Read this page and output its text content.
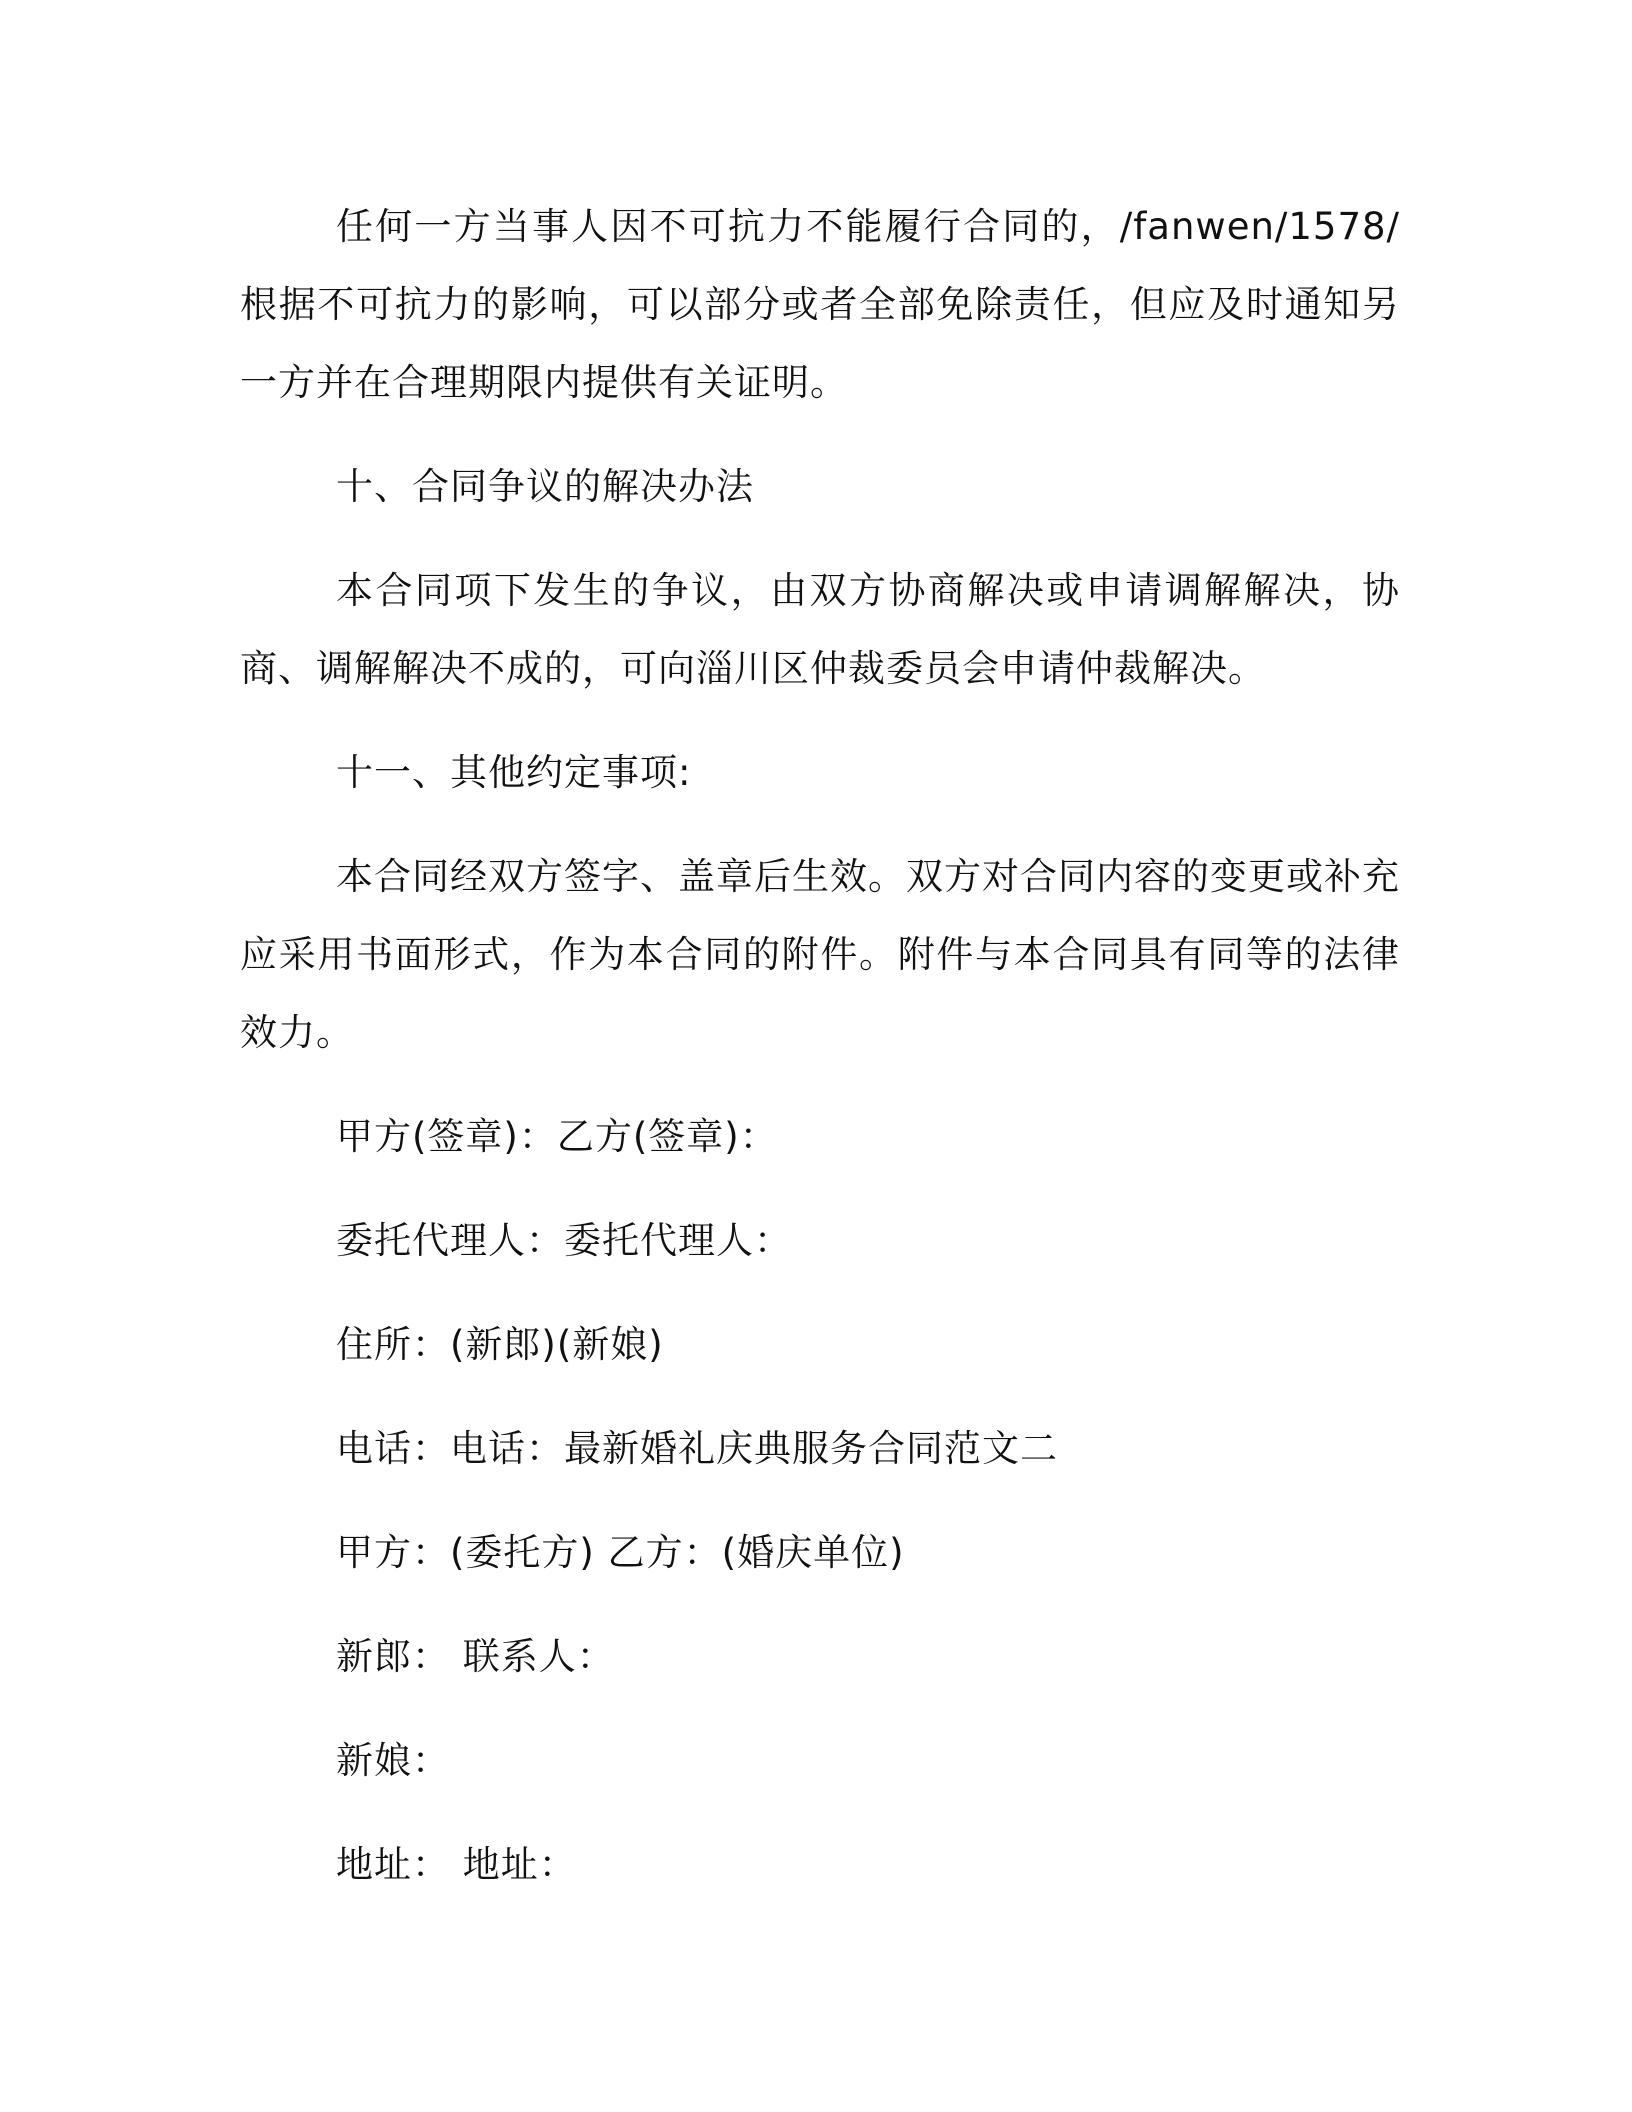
任何一方当事人因不可抗力不能履行合同的，/fanwen/1578/根据不可抗力的影响，可以部分或者全部免除责任，但应及时通知另一方并在合理期限内提供有关证明。

十、合同争议的解决办法

本合同项下发生的争议，由双方协商解决或申请调解解决，协商、调解解决不成的，可向淄川区仲裁委员会申请仲裁解决。

十一、其他约定事项:

本合同经双方签字、盖章后生效。双方对合同内容的变更或补充应采用书面形式，作为本合同的附件。附件与本合同具有同等的法律效力。

甲方(签章)：乙方(签章)：

委托代理人：委托代理人：

住所：(新郎)(新娘)

电话：电话：最新婚礼庆典服务合同范文二

甲方：(委托方) 乙方：(婚庆单位)

新郎： 联系人：

新娘：

地址： 地址：
